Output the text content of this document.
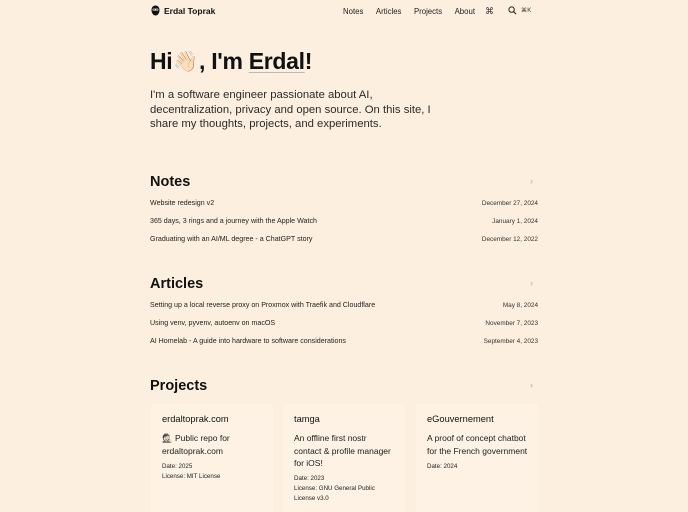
Erdal Toprak	Notes Articles Projects About ⌘	⌘K
Hi 👋🏻 , I'm Erdal !

I'm a software engineer passionate about AI, decentralization, privacy and open source. On this site, I share my thoughts, projects, and experiments.

Notes	›
Website redesign v2	December 27, 2024
365 days, 3 rings and a journey with the Apple Watch	January 1, 2024
Graduating with an AI/ML degree - a ChatGPT story	December 12, 2022
Articles	›
Setting up a local reverse proxy on Proxmox with Traefik and Cloudflare	May 8, 2024
Using venv, pyvenv, autoenv on macOS	November 7, 2023
AI Homelab - A guide into hardware to software considerations	September 4, 2023
Projects	›
erdaltoprak.com
🕵🏻 Public repo for erdaltoprak.com
Date: 2025
License: MIT License
tamga
An offline first nostr contact & profile manager for iOS!
Date: 2023
License: GNU General Public License v3.0
eGouvernement
A proof of concept chatbot for the French government
Date: 2024
